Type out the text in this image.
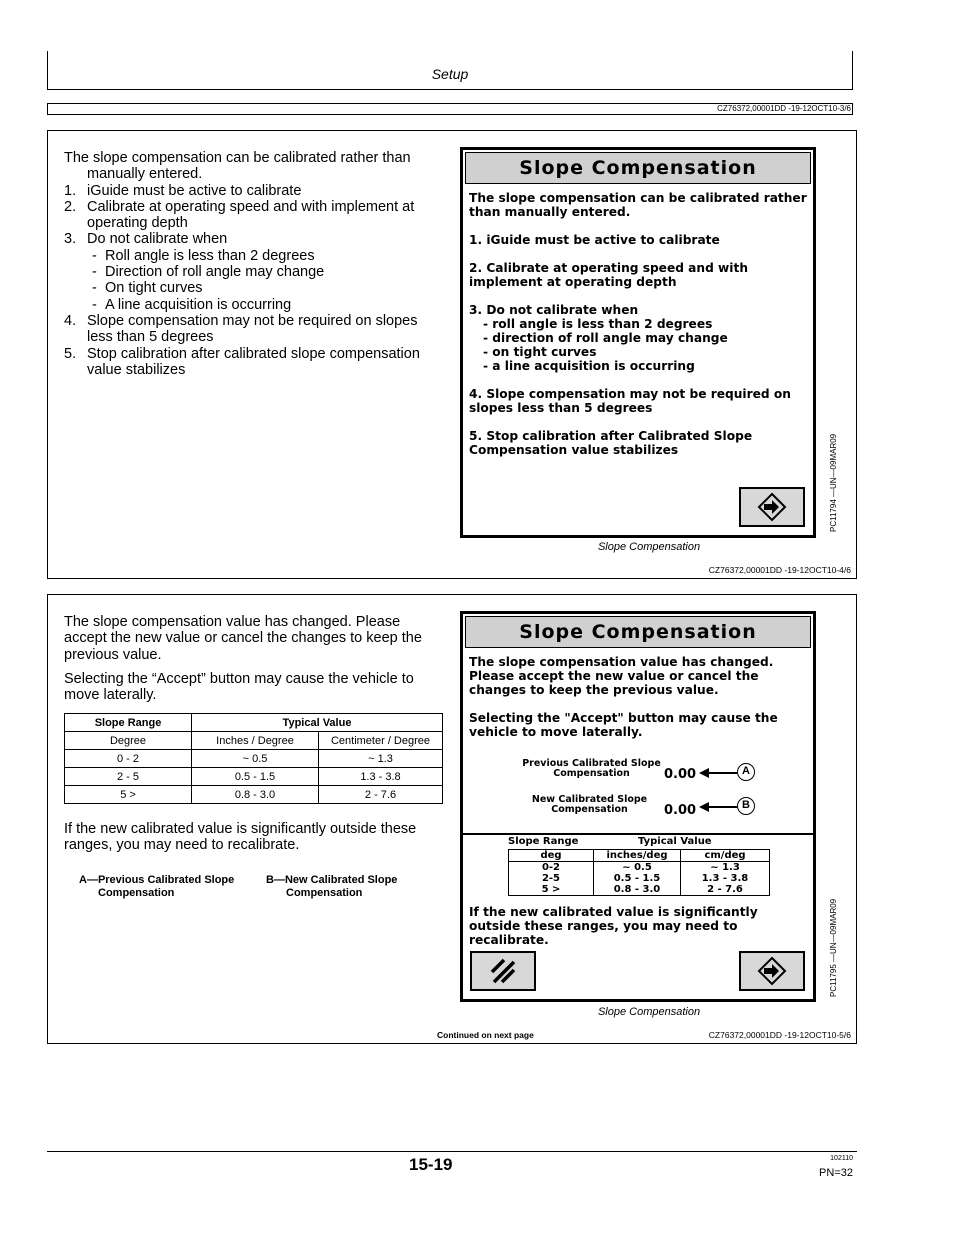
Setup
CZ76372,00001DD -19-12OCT10-3/6
The slope compensation can be calibrated rather than manually entered.
1. iGuide must be active to calibrate
2. Calibrate at operating speed and with implement at operating depth
3. Do not calibrate when
- Roll angle is less than 2 degrees
- Direction of roll angle may change
- On tight curves
- A line acquisition is occurring
4. Slope compensation may not be required on slopes less than 5 degrees
5. Stop calibration after calibrated slope compensation value stabilizes
Slope Compensation

The slope compensation can be calibrated rather than manually entered.

1. iGuide must be active to calibrate

2. Calibrate at operating speed and with implement at operating depth

3. Do not calibrate when

- roll angle is less than 2 degrees

- direction of roll angle may change

- on tight curves

- a line acquisition is occurring

4. Slope compensation may not be required on slopes less than 5 degrees

5. Stop calibration after Calibrated Slope Compensation value stabilizes	PC11794 —UN—09MAR09
Slope Compensation
CZ76372,00001DD -19-12OCT10-4/6

The slope compensation value has changed. Please accept the new value or cancel the changes to keep the previous value.

Selecting the “Accept” button may cause the vehicle to move laterally.

Slope Range	Typical Value	
Degree	Inches / Degree	Centimeter / Degree
0 - 2	~ 0.5	~ 1.3
2 - 5	0.5 - 1.5	1.3 - 3.8
5 >	0.8 - 3.0	2 - 7.6
If the new calibrated value is significantly outside these ranges, you may need to recalibrate.
A—Previous Calibrated Slope Compensation
B—New Calibrated Slope Compensation
Slope Compensation

The slope compensation value has changed. Please accept the new value or cancel the changes to keep the previous value.

Selecting the "Accept" button may cause the vehicle to move laterally.

Previous Calibrated Slope Compensation	0.00	A
New Calibrated Slope Compensation	0.00	B
Slope Range	Typical Value
deg	inches/deg	cm/deg
0-2	~ 0.5	~ 1.3
2-5	0.5 - 1.5	1.3 - 3.8
5 >	0.8 - 3.0	2 - 7.6
If the new calibrated value is significantly outside these ranges, you may need to recalibrate.	PC11795 —UN—09MAR09
Slope Compensation
Continued on next page	CZ76372,00001DD -19-12OCT10-5/6
102110
15-19	PN=32
